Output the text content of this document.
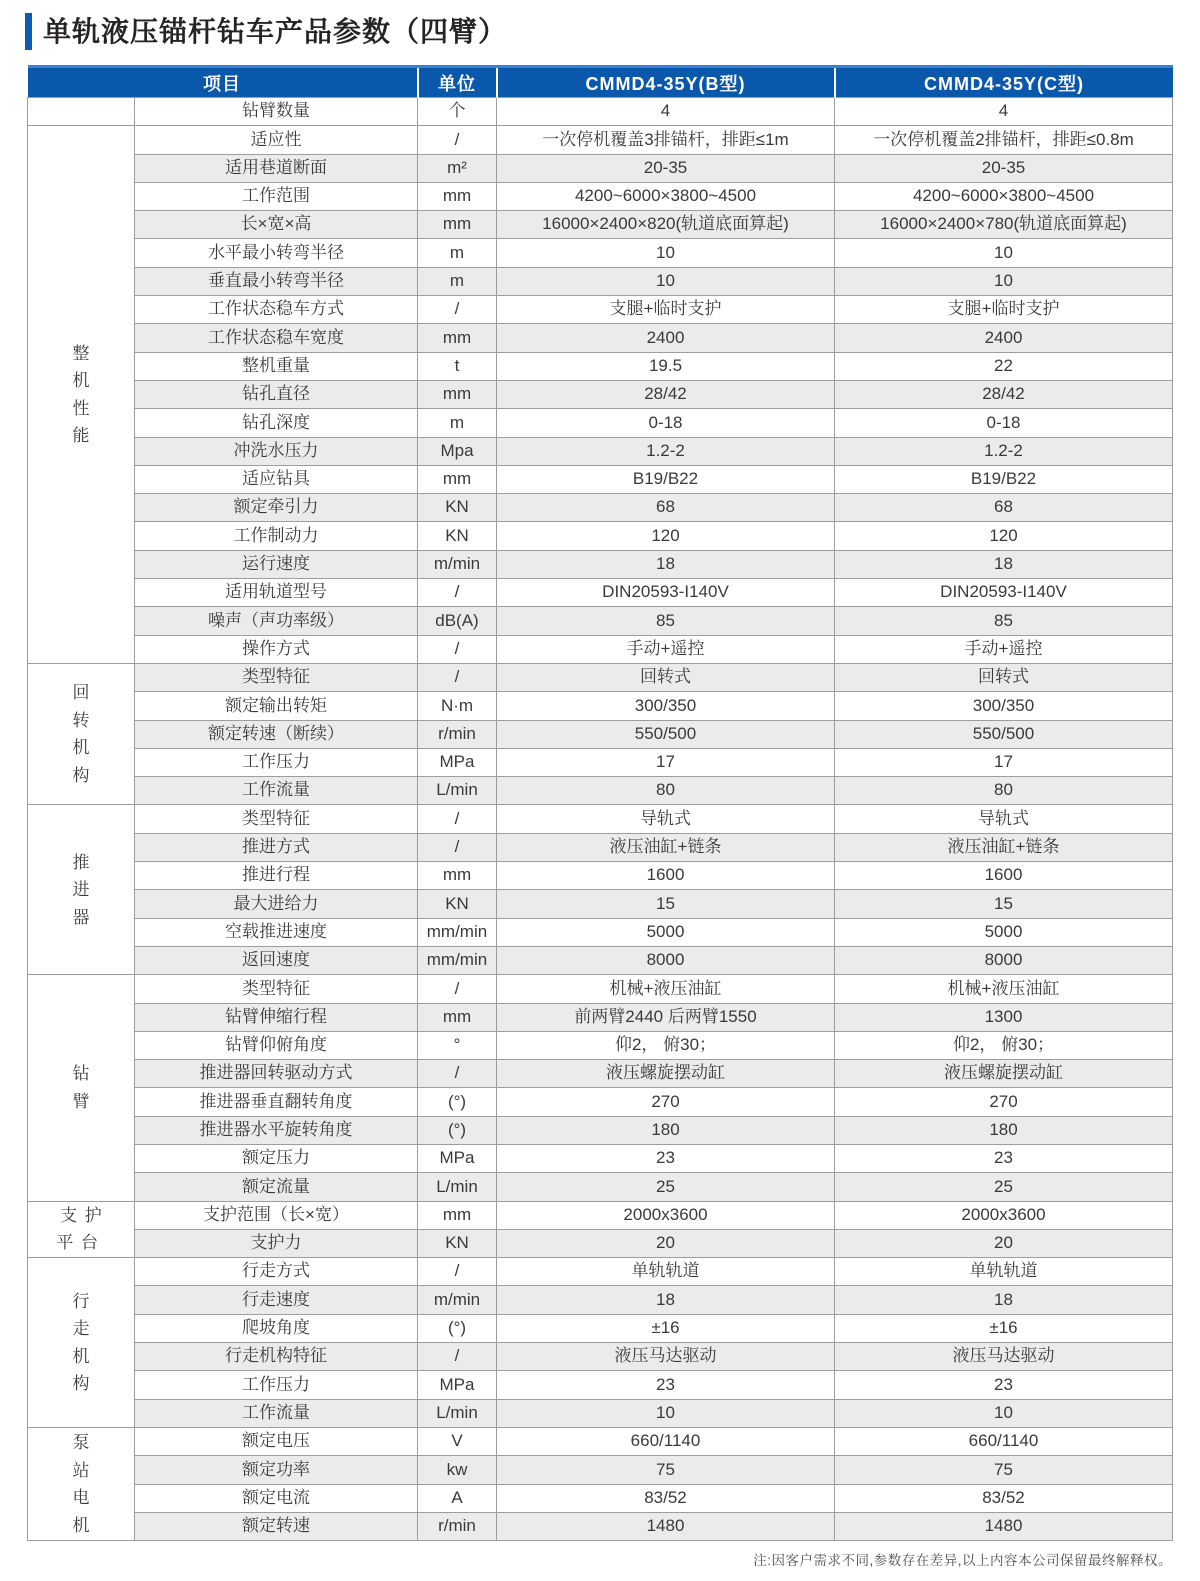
单轨液压锚杆钻车产品参数（四臂）
项目		单位	CMMD4-35Y(B型)	CMMD4-35Y(C型)
	钻臂数量	个	4	4
整机性能	适应性	/	一次停机覆盖3排锚杆，排距≤1m	一次停机覆盖2排锚杆，排距≤0.8m
	适用巷道断面	m²	20-35	20-35
	工作范围	mm	4200~6000×3800~4500	4200~6000×3800~4500
	长×宽×高	mm	16000×2400×820(轨道底面算起)	16000×2400×780(轨道底面算起)
	水平最小转弯半径	m	10	10
	垂直最小转弯半径	m	10	10
	工作状态稳车方式	/	支腿+临时支护	支腿+临时支护
	工作状态稳车宽度	mm	2400	2400
	整机重量	t	19.5	22
	钻孔直径	mm	28/42	28/42
	钻孔深度	m	0-18	0-18
	冲洗水压力	Mpa	1.2-2	1.2-2
	适应钻具	mm	B19/B22	B19/B22
	额定牵引力	KN	68	68
	工作制动力	KN	120	120
	运行速度	m/min	18	18
	适用轨道型号	/	DIN20593-I140V	DIN20593-I140V
	噪声（声功率级）	dB(A)	85	85
	操作方式	/	手动+遥控	手动+遥控
回转机构	类型特征	/	回转式	回转式
	额定输出转矩	N·m	300/350	300/350
	额定转速（断续）	r/min	550/500	550/500
	工作压力	MPa	17	17
	工作流量	L/min	80	80
推进器	类型特征	/	导轨式	导轨式
	推进方式	/	液压油缸+链条	液压油缸+链条
	推进行程	mm	1600	1600
	最大进给力	KN	15	15
	空载推进速度	mm/min	5000	5000
	返回速度	mm/min	8000	8000
钻臂	类型特征	/	机械+液压油缸	机械+液压油缸
	钻臂伸缩行程	mm	前两臂2440 后两臂1550	1300
	钻臂仰俯角度	°	仰2， 俯30；	仰2， 俯30；
	推进器回转驱动方式	/	液压螺旋摆动缸	液压螺旋摆动缸
	推进器垂直翻转角度	(°)	270	270
	推进器水平旋转角度	(°)	180	180
	额定压力	MPa	23	23
	额定流量	L/min	25	25
支护平台	支护范围（长×宽）	mm	2000x3600	2000x3600
	支护力	KN	20	20
行走机构	行走方式	/	单轨轨道	单轨轨道
	行走速度	m/min	18	18
	爬坡角度	(°)	±16	±16
	行走机构特征	/	液压马达驱动	液压马达驱动
	工作压力	MPa	23	23
	工作流量	L/min	10	10
泵站电机	额定电压	V	660/1140	660/1140
	额定功率	kw	75	75
	额定电流	A	83/52	83/52
	额定转速	r/min	1480	1480
注:因客户需求不同,参数存在差异,以上内容本公司保留最终解释权。
